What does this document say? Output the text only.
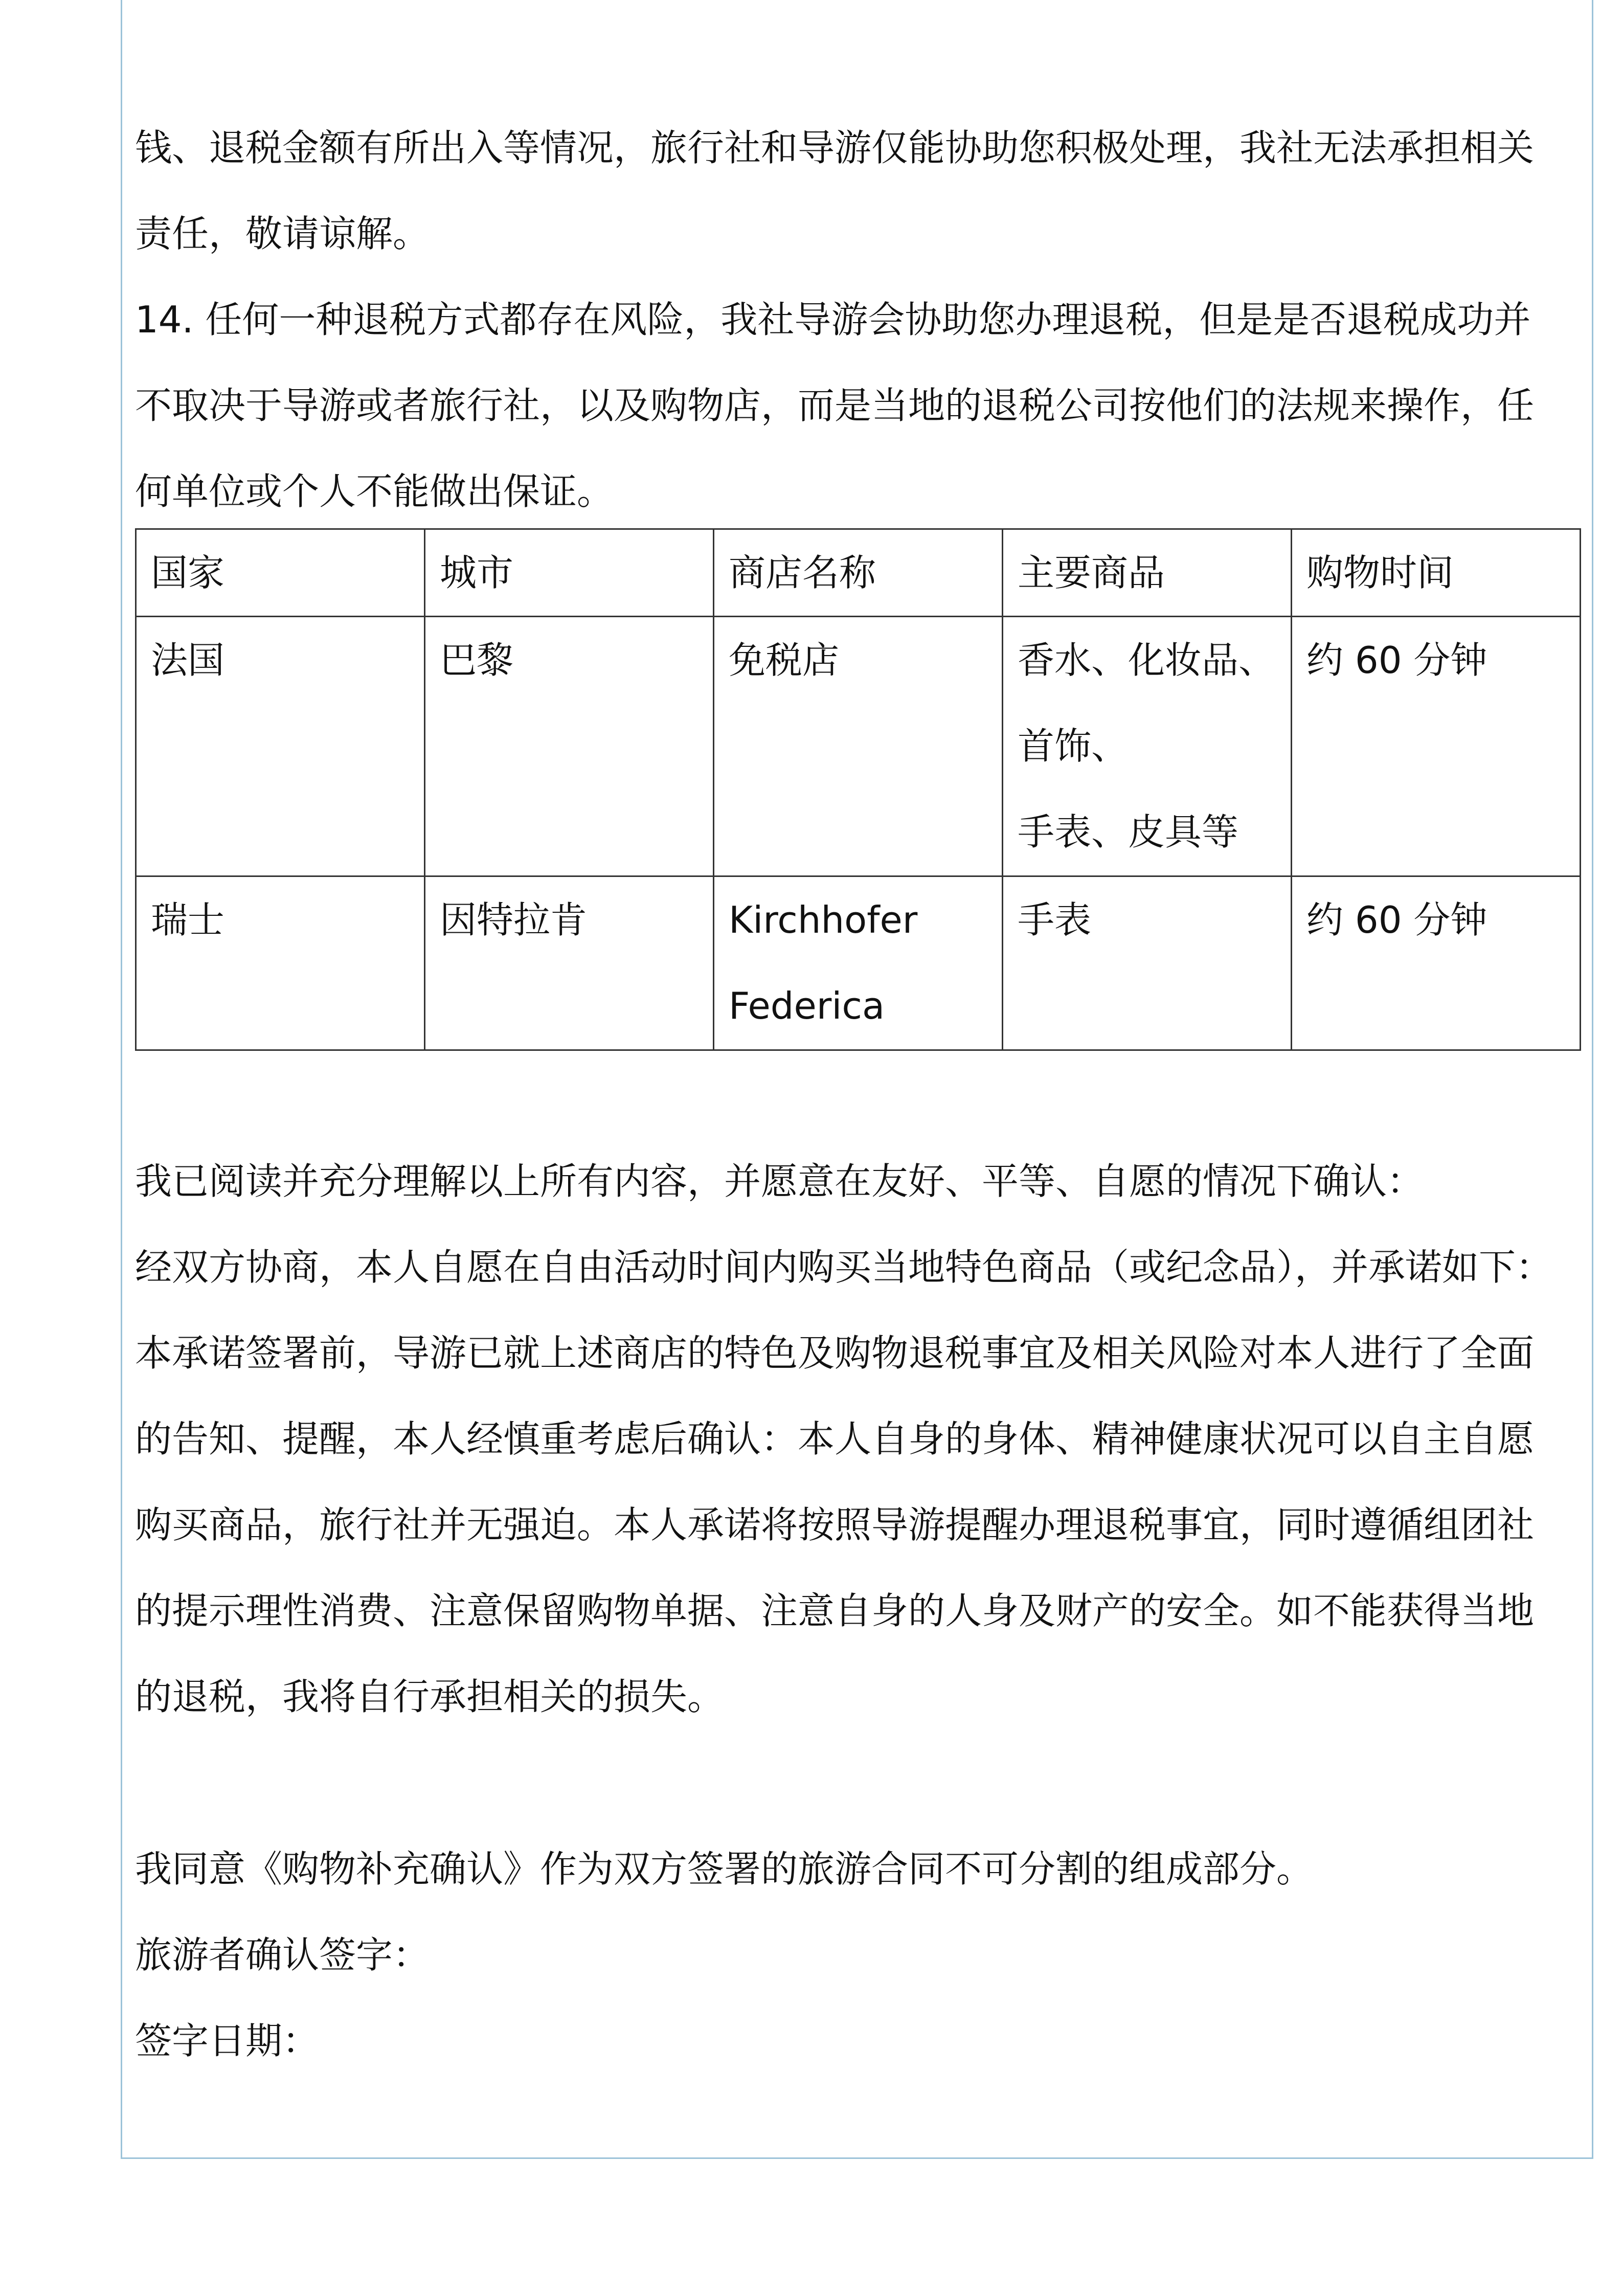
钱、退税金额有所出入等情况，旅行社和导游仅能协助您积极处理，我社无法承担相关
责任，敬请谅解。
14. 任何一种退税方式都存在风险，我社导游会协助您办理退税，但是是否退税成功并
不取决于导游或者旅行社，以及购物店，而是当地的退税公司按他们的法规来操作，任
何单位或个人不能做出保证。
国家	城市	商店名称	主要商品	购物时间
法国	巴黎	免税店	香水、化妆品、
首饰、
手表、皮具等	约 60 分钟
瑞士	因特拉肯	Kirchhofer
Federica	手表	约 60 分钟
我已阅读并充分理解以上所有内容，并愿意在友好、平等、自愿的情况下确认：
经双方协商，本人自愿在自由活动时间内购买当地特色商品（或纪念品），并承诺如下：
本承诺签署前，导游已就上述商店的特色及购物退税事宜及相关风险对本人进行了全面
的告知、提醒，本人经慎重考虑后确认：本人自身的身体、精神健康状况可以自主自愿
购买商品，旅行社并无强迫。本人承诺将按照导游提醒办理退税事宜，同时遵循组团社
的提示理性消费、注意保留购物单据、注意自身的人身及财产的安全。如不能获得当地
的退税，我将自行承担相关的损失。
我同意《购物补充确认》作为双方签署的旅游合同不可分割的组成部分。
旅游者确认签字：
签字日期：
